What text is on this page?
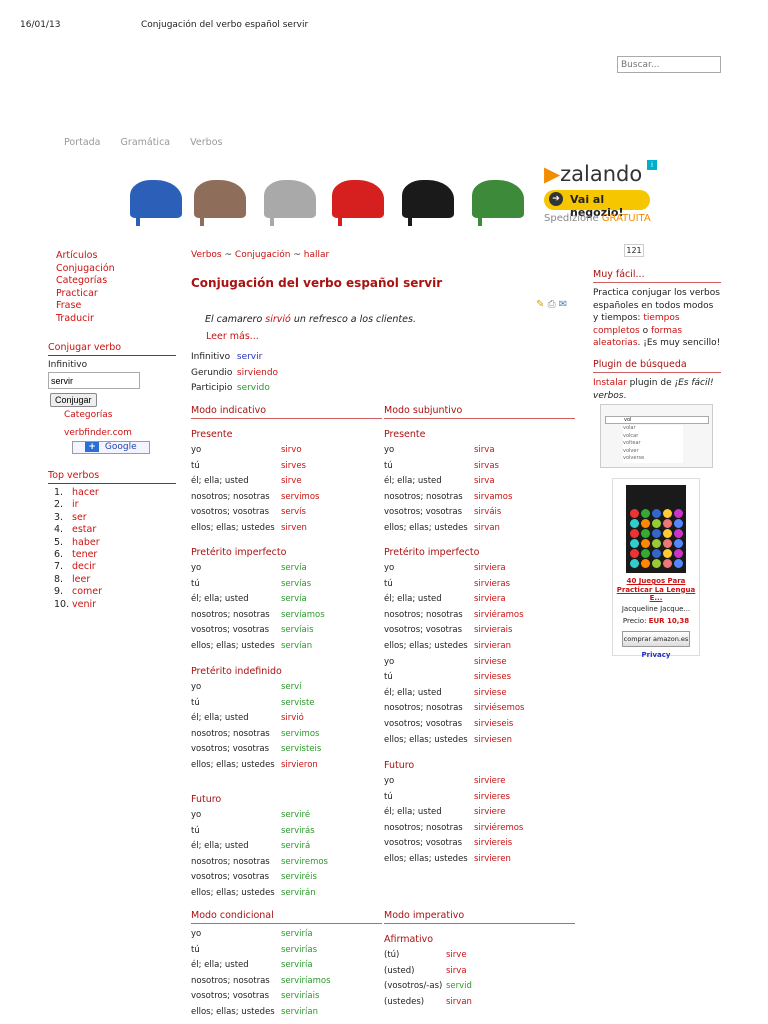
16/01/13	Conjugación del verbo español servir
Buscar...
Portada Gramática Verbos
▶zalando
➔ Vai al negozio!
Spedizione GRATUITA
i
Artículos
Conjugación
Categorías
Practicar
Frase
Traducir
Conjugar verbo
Infinitivo
servir
Conjugar
Categorías
verbfinder.com
+ Google
Top verbos
1. hacer
2. ir
3. ser
4. estar
5. haber
6. tener
7. decir
8. leer
9. comer
10. venir
Verbos ~ Conjugación ~ hallar
Conjugación del verbo español servir
✎ ⎙ ✉
El camarero sirvió un refresco a los clientes.
Leer más...
Infinitivo servir
Gerundio sirviendo
Participio servido
Modo indicativo	Modo subjuntivo
Modo condicional	Modo imperativo
Presente
yo	sirvo
tú	sirves
él; ella; usted	sirve
nosotros; nosotras servimos
vosotros; vosotras servís
ellos; ellas; ustedes sirven
Pretérito imperfecto
yo	servía
tú	servías
él; ella; usted	servía
nosotros; nosotras servíamos
vosotros; vosotras servíais
ellos; ellas; ustedes servían
Pretérito indefinido
yo	serví
tú	serviste
él; ella; usted	sirvió
nosotros; nosotras servimos
vosotros; vosotras servisteis
ellos; ellas; ustedes sirvieron
Futuro
yo	serviré
tú	servirás
él; ella; usted	servirá
nosotros; nosotras serviremos
vosotros; vosotras serviréis
ellos; ellas; ustedes servirán
Presente
yo	sirva
tú	sirvas
él; ella; usted	sirva
nosotros; nosotras sirvamos
vosotros; vosotras sirváis
ellos; ellas; ustedes sirvan
Pretérito imperfecto
yo	sirviera
tú	sirvieras
él; ella; usted	sirviera
nosotros; nosotras sirviéramos
vosotros; vosotras sirvierais
ellos; ellas; ustedes sirvieran
yo	sirviese
tú	sirvieses
él; ella; usted	sirviese
nosotros; nosotras sirviésemos
vosotros; vosotras sirvieseis
ellos; ellas; ustedes sirviesen
Futuro
yo	sirviere
tú	sirvieres
él; ella; usted	sirviere
nosotros; nosotras sirviéremos
vosotros; vosotras sirviereis
ellos; ellas; ustedes sirvieren
yo	serviría
tú	servirías
él; ella; usted	serviría
nosotros; nosotras serviríamos
vosotros; vosotras serviríais
ellos; ellas; ustedes servirían
Afirmativo
(tú)	sirve
(usted)	sirva
(vosotros/-as) servid
(ustedes)	sirvan
121
Muy fácil...
Practica conjugar los verbos españoles en todos modos y tiempos: tiempos completos o formas aleatorias. ¡Es muy sencillo!
Plugin de búsqueda
Instalar plugin de ¡Es fácil! verbos.
vol
volar
volcar
voltear
volver
volverse
40 Juegos Para Practicar La Lengua E...
Jacqueline Jacque...
Precio: EUR 10,38
comprar amazon.es
Privacy
